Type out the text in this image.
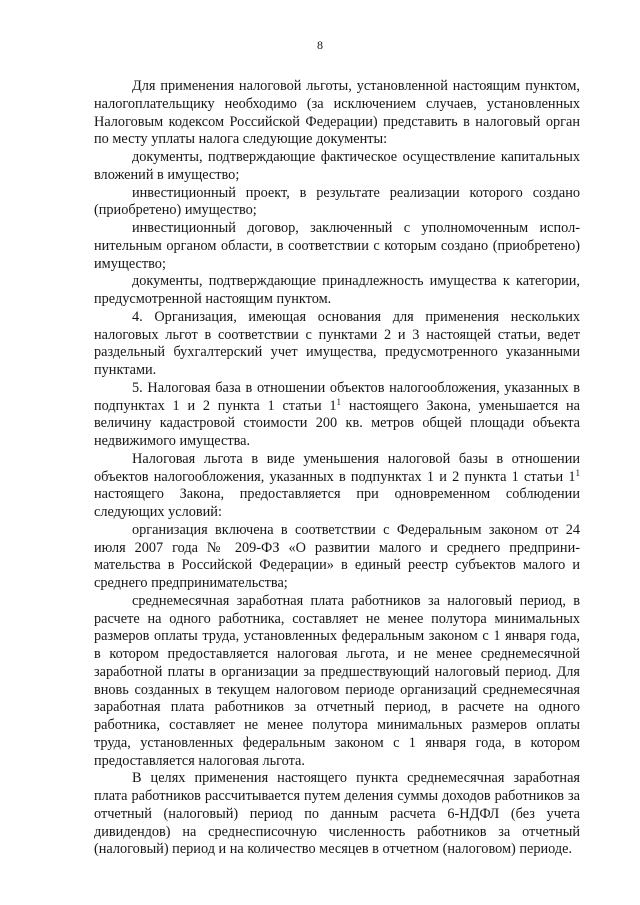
8

Для применения налоговой льготы, установленной настоящим пунктом, налогоплательщику необходимо (за исключением случаев, установленных Налоговым кодексом Российской Федерации) представить в налоговый орган по месту уплаты налога следующие документы:

документы, подтверждающие фактическое осуществление капитальных вложений в имущество;

инвестиционный проект, в результате реализации которого создано (приобретено) имущество;

инвестиционный договор, заключенный с уполномоченным исполнительным органом области, в соответствии с которым создано (приобретено) имущество;

документы, подтверждающие принадлежность имущества к категории, предусмотренной настоящим пунктом.

4. Организация, имеющая основания для применения нескольких налоговых льгот в соответствии с пунктами 2 и 3 настоящей статьи, ведет раздельный бухгалтерский учет имущества, предусмотренного указанными пунктами.

5. Налоговая база в отношении объектов налогообложения, указанных в подпунктах 1 и 2 пункта 1 статьи $1^1$ настоящего Закона, уменьшается на величину кадастровой стоимости 200 кв. метров общей площади объекта недвижимого имущества.

Налоговая льгота в виде уменьшения налоговой базы в отношении объектов налогообложения, указанных в подпунктах 1 и 2 пункта 1 статьи $1^1$ настоящего Закона, предоставляется при одновременном соблюдении следующих условий:

организация включена в соответствии с Федеральным законом от 24 июля 2007 года № 209-ФЗ «О развитии малого и среднего предпринимательства в Российской Федерации» в единый реестр субъектов малого и среднего предпринимательства;

среднемесячная заработная плата работников за налоговый период, в расчете на одного работника, составляет не менее полутора минимальных размеров оплаты труда, установленных федеральным законом с 1 января года, в котором предоставляется налоговая льгота, и не менее среднемесячной заработной платы в организации за предшествующий налоговый период. Для вновь созданных в текущем налоговом периоде организаций среднемесячная заработная плата работников за отчетный период, в расчете на одного работника, составляет не менее полутора минимальных размеров оплаты труда, установленных федеральным законом с 1 января года, в котором предоставляется налоговая льгота.

В целях применения настоящего пункта среднемесячная заработная плата работников рассчитывается путем деления суммы доходов работников за отчетный (налоговый) период по данным расчета 6-НДФЛ (без учета дивидендов) на среднесписочную численность работников за отчетный (налоговый) период и на количество месяцев в отчетном (налоговом) периоде.
